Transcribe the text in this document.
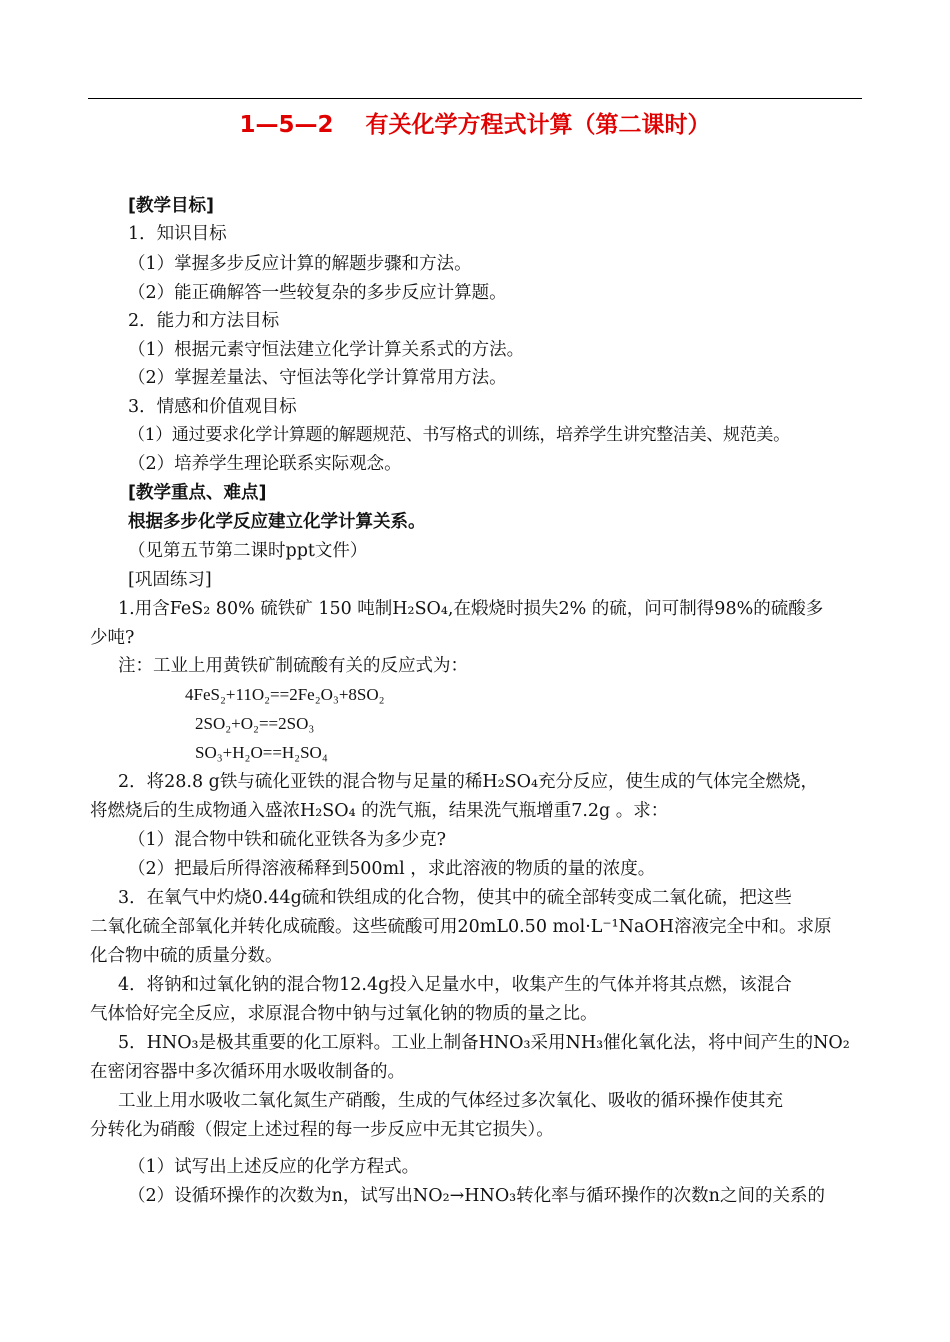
1—5—2    有关化学方程式计算（第二课时）
[教学目标]
1．知识目标
（1）掌握多步反应计算的解题步骤和方法。
（2）能正确解答一些较复杂的多步反应计算题。
2．能力和方法目标
（1）根据元素守恒法建立化学计算关系式的方法。
（2）掌握差量法、守恒法等化学计算常用方法。
3．情感和价值观目标
（1）通过要求化学计算题的解题规范、书写格式的训练，培养学生讲究整洁美、规范美。
（2）培养学生理论联系实际观念。
[教学重点、难点]
根据多步化学反应建立化学计算关系。
（见第五节第二课时ppt文件）
[巩固练习]
1.用含FeS₂ 80% 硫铁矿 150 吨制H₂SO₄,在煅烧时损失2% 的硫，问可制得98%的硫酸多
少吨?
注：工业上用黄铁矿制硫酸有关的反应式为：
4FeS₂+11O₂==2Fe₂O₃+8SO₂
2SO₂+O₂==2SO₃
SO₃+H₂O==H₂SO₄
2．将28.8 g铁与硫化亚铁的混合物与足量的稀H₂SO₄充分反应，使生成的气体完全燃烧，
将燃烧后的生成物通入盛浓H₂SO₄ 的洗气瓶，结果洗气瓶增重7.2g 。求：
（1）混合物中铁和硫化亚铁各为多少克?
（2）把最后所得溶液稀释到500ml ，求此溶液的物质的量的浓度。
3．在氧气中灼烧0.44g硫和铁组成的化合物，使其中的硫全部转变成二氧化硫，把这些
二氧化硫全部氧化并转化成硫酸。这些硫酸可用20mL0.50 mol·L⁻¹NaOH溶液完全中和。求原
化合物中硫的质量分数。
4．将钠和过氧化钠的混合物12.4g投入足量水中，收集产生的气体并将其点燃，该混合
气体恰好完全反应，求原混合物中钠与过氧化钠的物质的量之比。
5．HNO₃是极其重要的化工原料。工业上制备HNO₃采用NH₃催化氧化法，将中间产生的NO₂
在密闭容器中多次循环用水吸收制备的。
工业上用水吸收二氧化氮生产硝酸，生成的气体经过多次氧化、吸收的循环操作使其充
分转化为硝酸（假定上述过程的每一步反应中无其它损失）。
（1）试写出上述反应的化学方程式。
（2）设循环操作的次数为n，试写出NO₂→HNO₃转化率与循环操作的次数n之间的关系的
